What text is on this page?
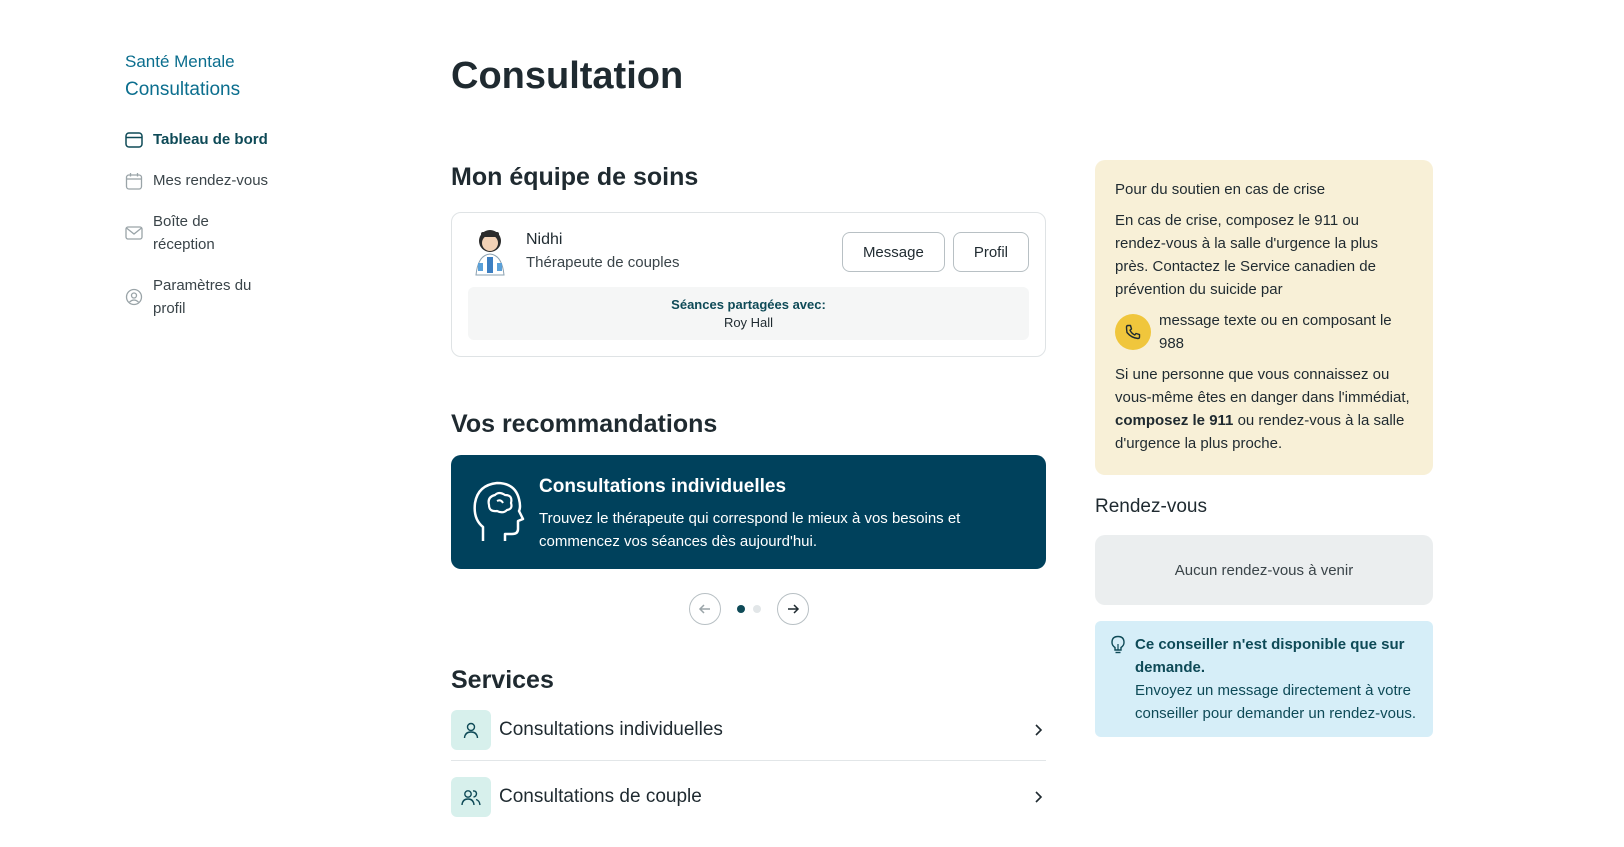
Santé Mentale
Consultations
Tableau de bord
Mes rendez-vous
Boîte de réception
Paramètres du profil
Consultation
Mon équipe de soins
Nidhi
Thérapeute de couples
Message	Profil
Séances partagées avec:
Roy Hall
Vos recommandations
Consultations individuelles
Trouvez le thérapeute qui correspond le mieux à vos besoins et commencez vos séances dès aujourd'hui.
Services
Consultations individuelles
Consultations de couple

Pour du soutien en cas de crise

En cas de crise, composez le 911 ou rendez-vous à la salle d'urgence la plus près. Contactez le Service canadien de prévention du suicide par

message texte ou en composant le 988

Si une personne que vous connaissez ou vous-même êtes en danger dans l'immédiat, composez le 911 ou rendez-vous à la salle d'urgence la plus proche.

Rendez-vous
Aucun rendez-vous à venir
Ce conseiller n'est disponible que sur demande.
Envoyez un message directement à votre conseiller pour demander un rendez-vous.
